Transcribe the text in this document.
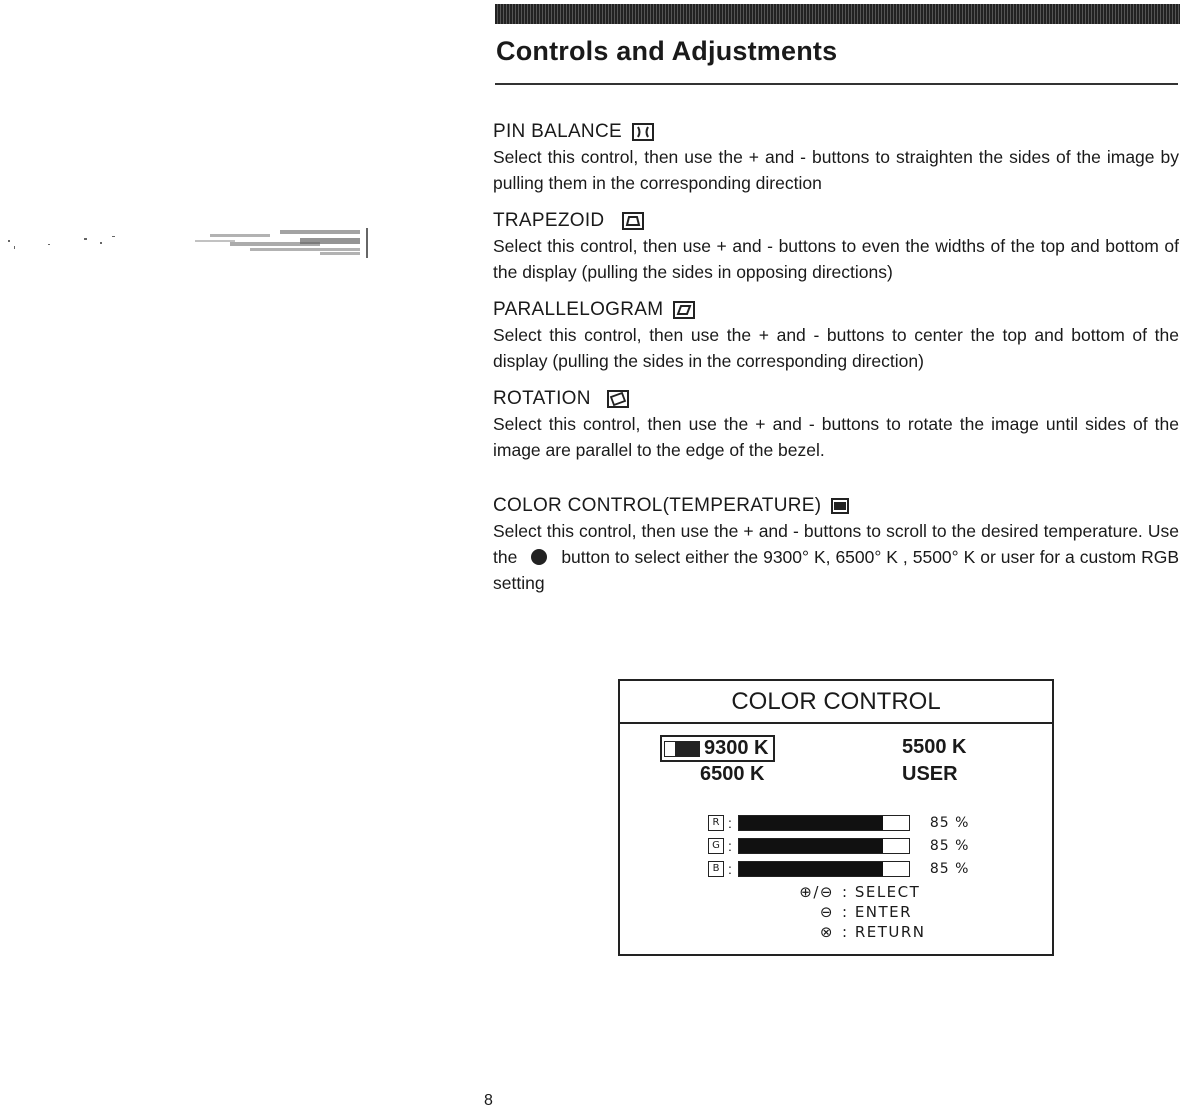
Controls and Adjustments
PIN BALANCE

Select this control, then use the + and - buttons to straighten the sides of the image by pulling them in the corresponding direction

TRAPEZOID

Select this control, then use + and - buttons to even the widths of the top and bottom of the display (pulling the sides in opposing directions)

PARALLELOGRAM

Select this control, then use the + and - buttons to center the top and bottom of the display (pulling the sides in the corresponding direction)

ROTATION

Select this control, then use the + and - buttons to rotate the image until sides of the image are parallel to the edge of the bezel.

COLOR CONTROL(TEMPERATURE)

Select this control, then use the + and - buttons to scroll to the desired temperature. Use the	button to select either the 9300° K, 6500° K , 5500° K or user for a custom RGB setting

COLOR CONTROL
9300 K	5500 K
6500 K	USER
R :	85 %
G :	85 %
B :	85 %
⊕/⊖ : SELECT
⊖ : ENTER
⊗ : RETURN
8
